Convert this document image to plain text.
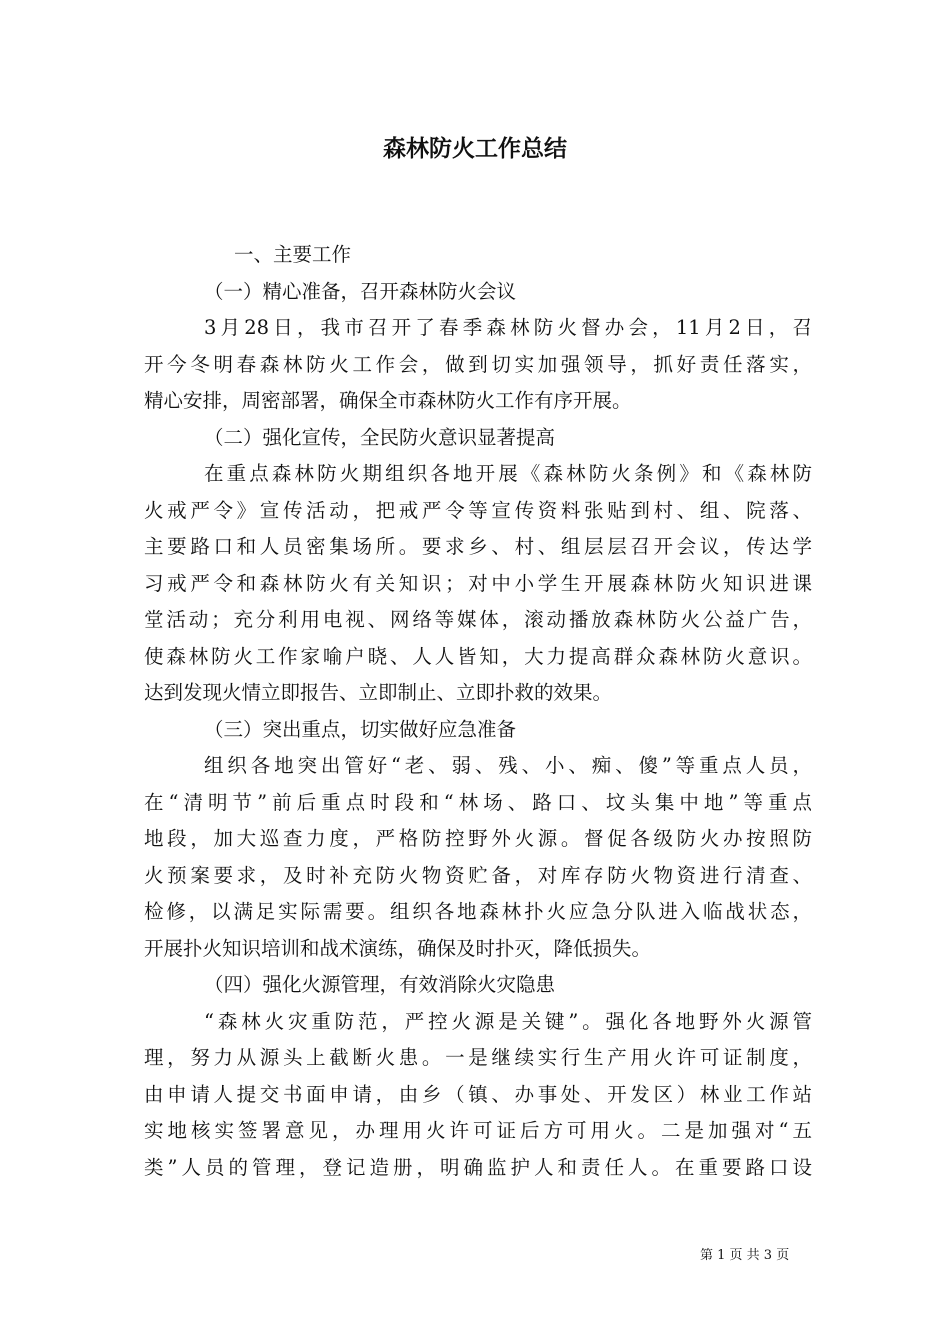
森林防火工作总结
一、主要工作
（一）精心准备，召开森林防火会议
3月28日，我市召开了春季森林防火督办会，11月2日，召
开今冬明春森林防火工作会，做到切实加强领导，抓好责任落实，
精心安排，周密部署，确保全市森林防火工作有序开展。
（二）强化宣传，全民防火意识显著提高
在重点森林防火期组织各地开展《森林防火条例》和《森林防
火戒严令》宣传活动，把戒严令等宣传资料张贴到村、组、院落、
主要路口和人员密集场所。要求乡、村、组层层召开会议，传达学
习戒严令和森林防火有关知识；对中小学生开展森林防火知识进课
堂活动；充分利用电视、网络等媒体，滚动播放森林防火公益广告，
使森林防火工作家喻户晓、人人皆知，大力提高群众森林防火意识。
达到发现火情立即报告、立即制止、立即扑救的效果。
（三）突出重点，切实做好应急准备
组织各地突出管好“老、弱、残、小、痴、傻”等重点人员，
在“清明节”前后重点时段和“林场、路口、坟头集中地”等重点
地段，加大巡查力度，严格防控野外火源。督促各级防火办按照防
火预案要求，及时补充防火物资贮备，对库存防火物资进行清查、
检修，以满足实际需要。组织各地森林扑火应急分队进入临战状态，
开展扑火知识培训和战术演练，确保及时扑灭，降低损失。
（四）强化火源管理，有效消除火灾隐患
“森林火灾重防范，严控火源是关键”。强化各地野外火源管
理，努力从源头上截断火患。一是继续实行生产用火许可证制度，
由申请人提交书面申请，由乡（镇、办事处、开发区）林业工作站
实地核实签署意见，办理用火许可证后方可用火。二是加强对“五
类”人员的管理，登记造册，明确监护人和责任人。在重要路口设
第 1 页 共 3 页
